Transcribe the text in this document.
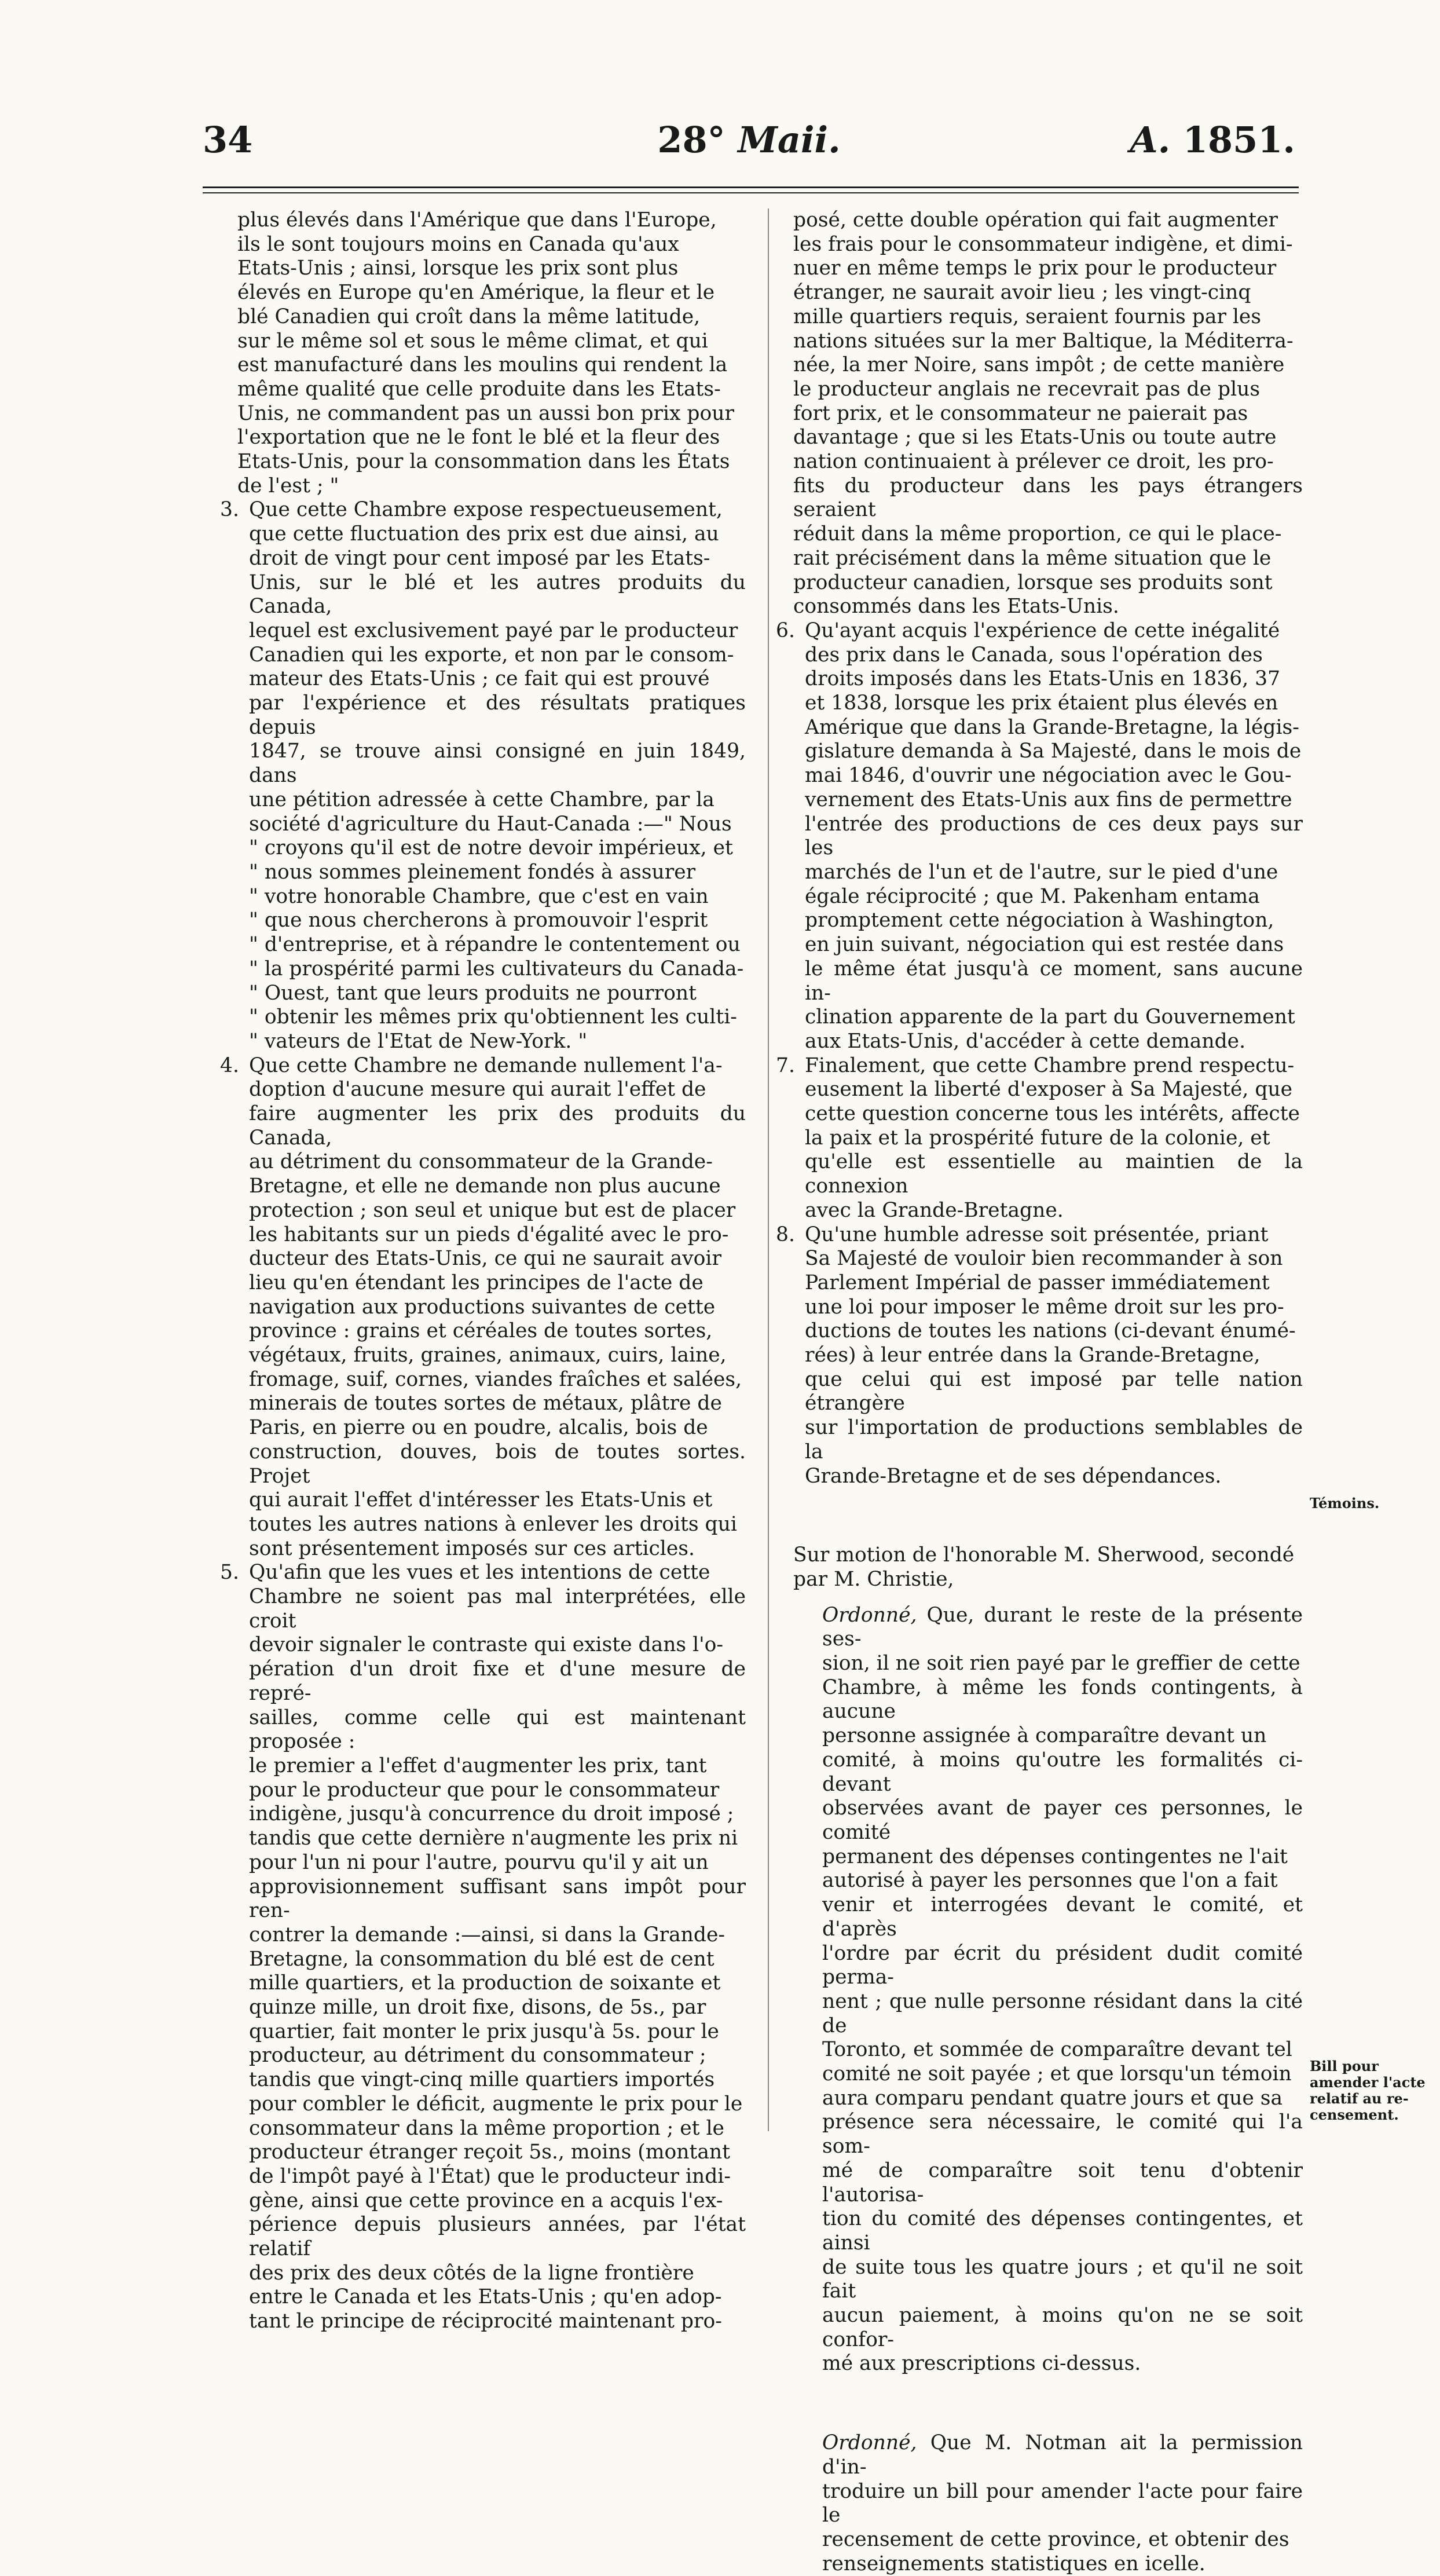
34	28° Maii.	A. 1851.

plus élevés dans l'Amérique que dans l'Europe,

ils le sont toujours moins en Canada qu'aux

Etats-Unis ; ainsi, lorsque les prix sont plus

élevés en Europe qu'en Amérique, la fleur et le

blé Canadien qui croît dans la même latitude,

sur le même sol et sous le même climat, et qui

est manufacturé dans les moulins qui rendent la

même qualité que celle produite dans les Etats-

Unis, ne commandent pas un aussi bon prix pour

l'exportation que ne le font le blé et la fleur des

Etats-Unis, pour la consommation dans les États

de l'est ; "

3. Que cette Chambre expose respectueusement,

que cette fluctuation des prix est due ainsi, au

droit de vingt pour cent imposé par les Etats-

Unis, sur le blé et les autres produits du Canada,

lequel est exclusivement payé par le producteur

Canadien qui les exporte, et non par le consom-

mateur des Etats-Unis ; ce fait qui est prouvé

par l'expérience et des résultats pratiques depuis

1847, se trouve ainsi consigné en juin 1849, dans

une pétition adressée à cette Chambre, par la

société d'agriculture du Haut-Canada :—" Nous

" croyons qu'il est de notre devoir impérieux, et

" nous sommes pleinement fondés à assurer

" votre honorable Chambre, que c'est en vain

" que nous chercherons à promouvoir l'esprit

" d'entreprise, et à répandre le contentement ou

" la prospérité parmi les cultivateurs du Canada-

" Ouest, tant que leurs produits ne pourront

" obtenir les mêmes prix qu'obtiennent les culti-

" vateurs de l'Etat de New-York. "

4. Que cette Chambre ne demande nullement l'a-

doption d'aucune mesure qui aurait l'effet de

faire augmenter les prix des produits du Canada,

au détriment du consommateur de la Grande-

Bretagne, et elle ne demande non plus aucune

protection ; son seul et unique but est de placer

les habitants sur un pieds d'égalité avec le pro-

ducteur des Etats-Unis, ce qui ne saurait avoir

lieu qu'en étendant les principes de l'acte de

navigation aux productions suivantes de cette

province : grains et céréales de toutes sortes,

végétaux, fruits, graines, animaux, cuirs, laine,

fromage, suif, cornes, viandes fraîches et salées,

minerais de toutes sortes de métaux, plâtre de

Paris, en pierre ou en poudre, alcalis, bois de

construction, douves, bois de toutes sortes. Projet

qui aurait l'effet d'intéresser les Etats-Unis et

toutes les autres nations à enlever les droits qui

sont présentement imposés sur ces articles.

5. Qu'afin que les vues et les intentions de cette

Chambre ne soient pas mal interprétées, elle croit

devoir signaler le contraste qui existe dans l'o-

pération d'un droit fixe et d'une mesure de repré-

sailles, comme celle qui est maintenant proposée :

le premier a l'effet d'augmenter les prix, tant

pour le producteur que pour le consommateur

indigène, jusqu'à concurrence du droit imposé ;

tandis que cette dernière n'augmente les prix ni

pour l'un ni pour l'autre, pourvu qu'il y ait un

approvisionnement suffisant sans impôt pour ren-

contrer la demande :—ainsi, si dans la Grande-

Bretagne, la consommation du blé est de cent

mille quartiers, et la production de soixante et

quinze mille, un droit fixe, disons, de 5s., par

quartier, fait monter le prix jusqu'à 5s. pour le

producteur, au détriment du consommateur ;

tandis que vingt-cinq mille quartiers importés

pour combler le déficit, augmente le prix pour le

consommateur dans la même proportion ; et le

producteur étranger reçoit 5s., moins (montant

de l'impôt payé à l'État) que le producteur indi-

gène, ainsi que cette province en a acquis l'ex-

périence depuis plusieurs années, par l'état relatif

des prix des deux côtés de la ligne frontière

entre le Canada et les Etats-Unis ; qu'en adop-

tant le principe de réciprocité maintenant pro-

posé, cette double opération qui fait augmenter

les frais pour le consommateur indigène, et dimi-

nuer en même temps le prix pour le producteur

étranger, ne saurait avoir lieu ; les vingt-cinq

mille quartiers requis, seraient fournis par les

nations situées sur la mer Baltique, la Méditerra-

née, la mer Noire, sans impôt ; de cette manière

le producteur anglais ne recevrait pas de plus

fort prix, et le consommateur ne paierait pas

davantage ; que si les Etats-Unis ou toute autre

nation continuaient à prélever ce droit, les pro-

fits du producteur dans les pays étrangers seraient

réduit dans la même proportion, ce qui le place-

rait précisément dans la même situation que le

producteur canadien, lorsque ses produits sont

consommés dans les Etats-Unis.

6. Qu'ayant acquis l'expérience de cette inégalité

des prix dans le Canada, sous l'opération des

droits imposés dans les Etats-Unis en 1836, 37

et 1838, lorsque les prix étaient plus élevés en

Amérique que dans la Grande-Bretagne, la légis-

gislature demanda à Sa Majesté, dans le mois de

mai 1846, d'ouvrir une négociation avec le Gou-

vernement des Etats-Unis aux fins de permettre

l'entrée des productions de ces deux pays sur les

marchés de l'un et de l'autre, sur le pied d'une

égale réciprocité ; que M. Pakenham entama

promptement cette négociation à Washington,

en juin suivant, négociation qui est restée dans

le même état jusqu'à ce moment, sans aucune in-

clination apparente de la part du Gouvernement

aux Etats-Unis, d'accéder à cette demande.

7. Finalement, que cette Chambre prend respectu-

eusement la liberté d'exposer à Sa Majesté, que

cette question concerne tous les intérêts, affecte

la paix et la prospérité future de la colonie, et

qu'elle est essentielle au maintien de la connexion

avec la Grande-Bretagne.

8. Qu'une humble adresse soit présentée, priant

Sa Majesté de vouloir bien recommander à son

Parlement Impérial de passer immédiatement

une loi pour imposer le même droit sur les pro-

ductions de toutes les nations (ci-devant énumé-

rées) à leur entrée dans la Grande-Bretagne,

que celui qui est imposé par telle nation étrangère

sur l'importation de productions semblables de la

Grande-Bretagne et de ses dépendances.

Sur motion de l'honorable M. Sherwood, secondé

par M. Christie,

Ordonné, Que, durant le reste de la présente ses-

sion, il ne soit rien payé par le greffier de cette

Chambre, à même les fonds contingents, à aucune

personne assignée à comparaître devant un

comité, à moins qu'outre les formalités ci-devant

observées avant de payer ces personnes, le comité

permanent des dépenses contingentes ne l'ait

autorisé à payer les personnes que l'on a fait

venir et interrogées devant le comité, et d'après

l'ordre par écrit du président dudit comité perma-

nent ; que nulle personne résidant dans la cité de

Toronto, et sommée de comparaître devant tel

comité ne soit payée ; et que lorsqu'un témoin

aura comparu pendant quatre jours et que sa

présence sera nécessaire, le comité qui l'a som-

mé de comparaître soit tenu d'obtenir l'autorisa-

tion du comité des dépenses contingentes, et ainsi

de suite tous les quatre jours ; et qu'il ne soit fait

aucun paiement, à moins qu'on ne se soit confor-

mé aux prescriptions ci-dessus.

Ordonné, Que M. Notman ait la permission d'in-

troduire un bill pour amender l'acte pour faire le

recensement de cette province, et obtenir des

renseignements statistiques en icelle.

Témoins.
Bill pour
amender l'acte
relatif au re-
censement.
